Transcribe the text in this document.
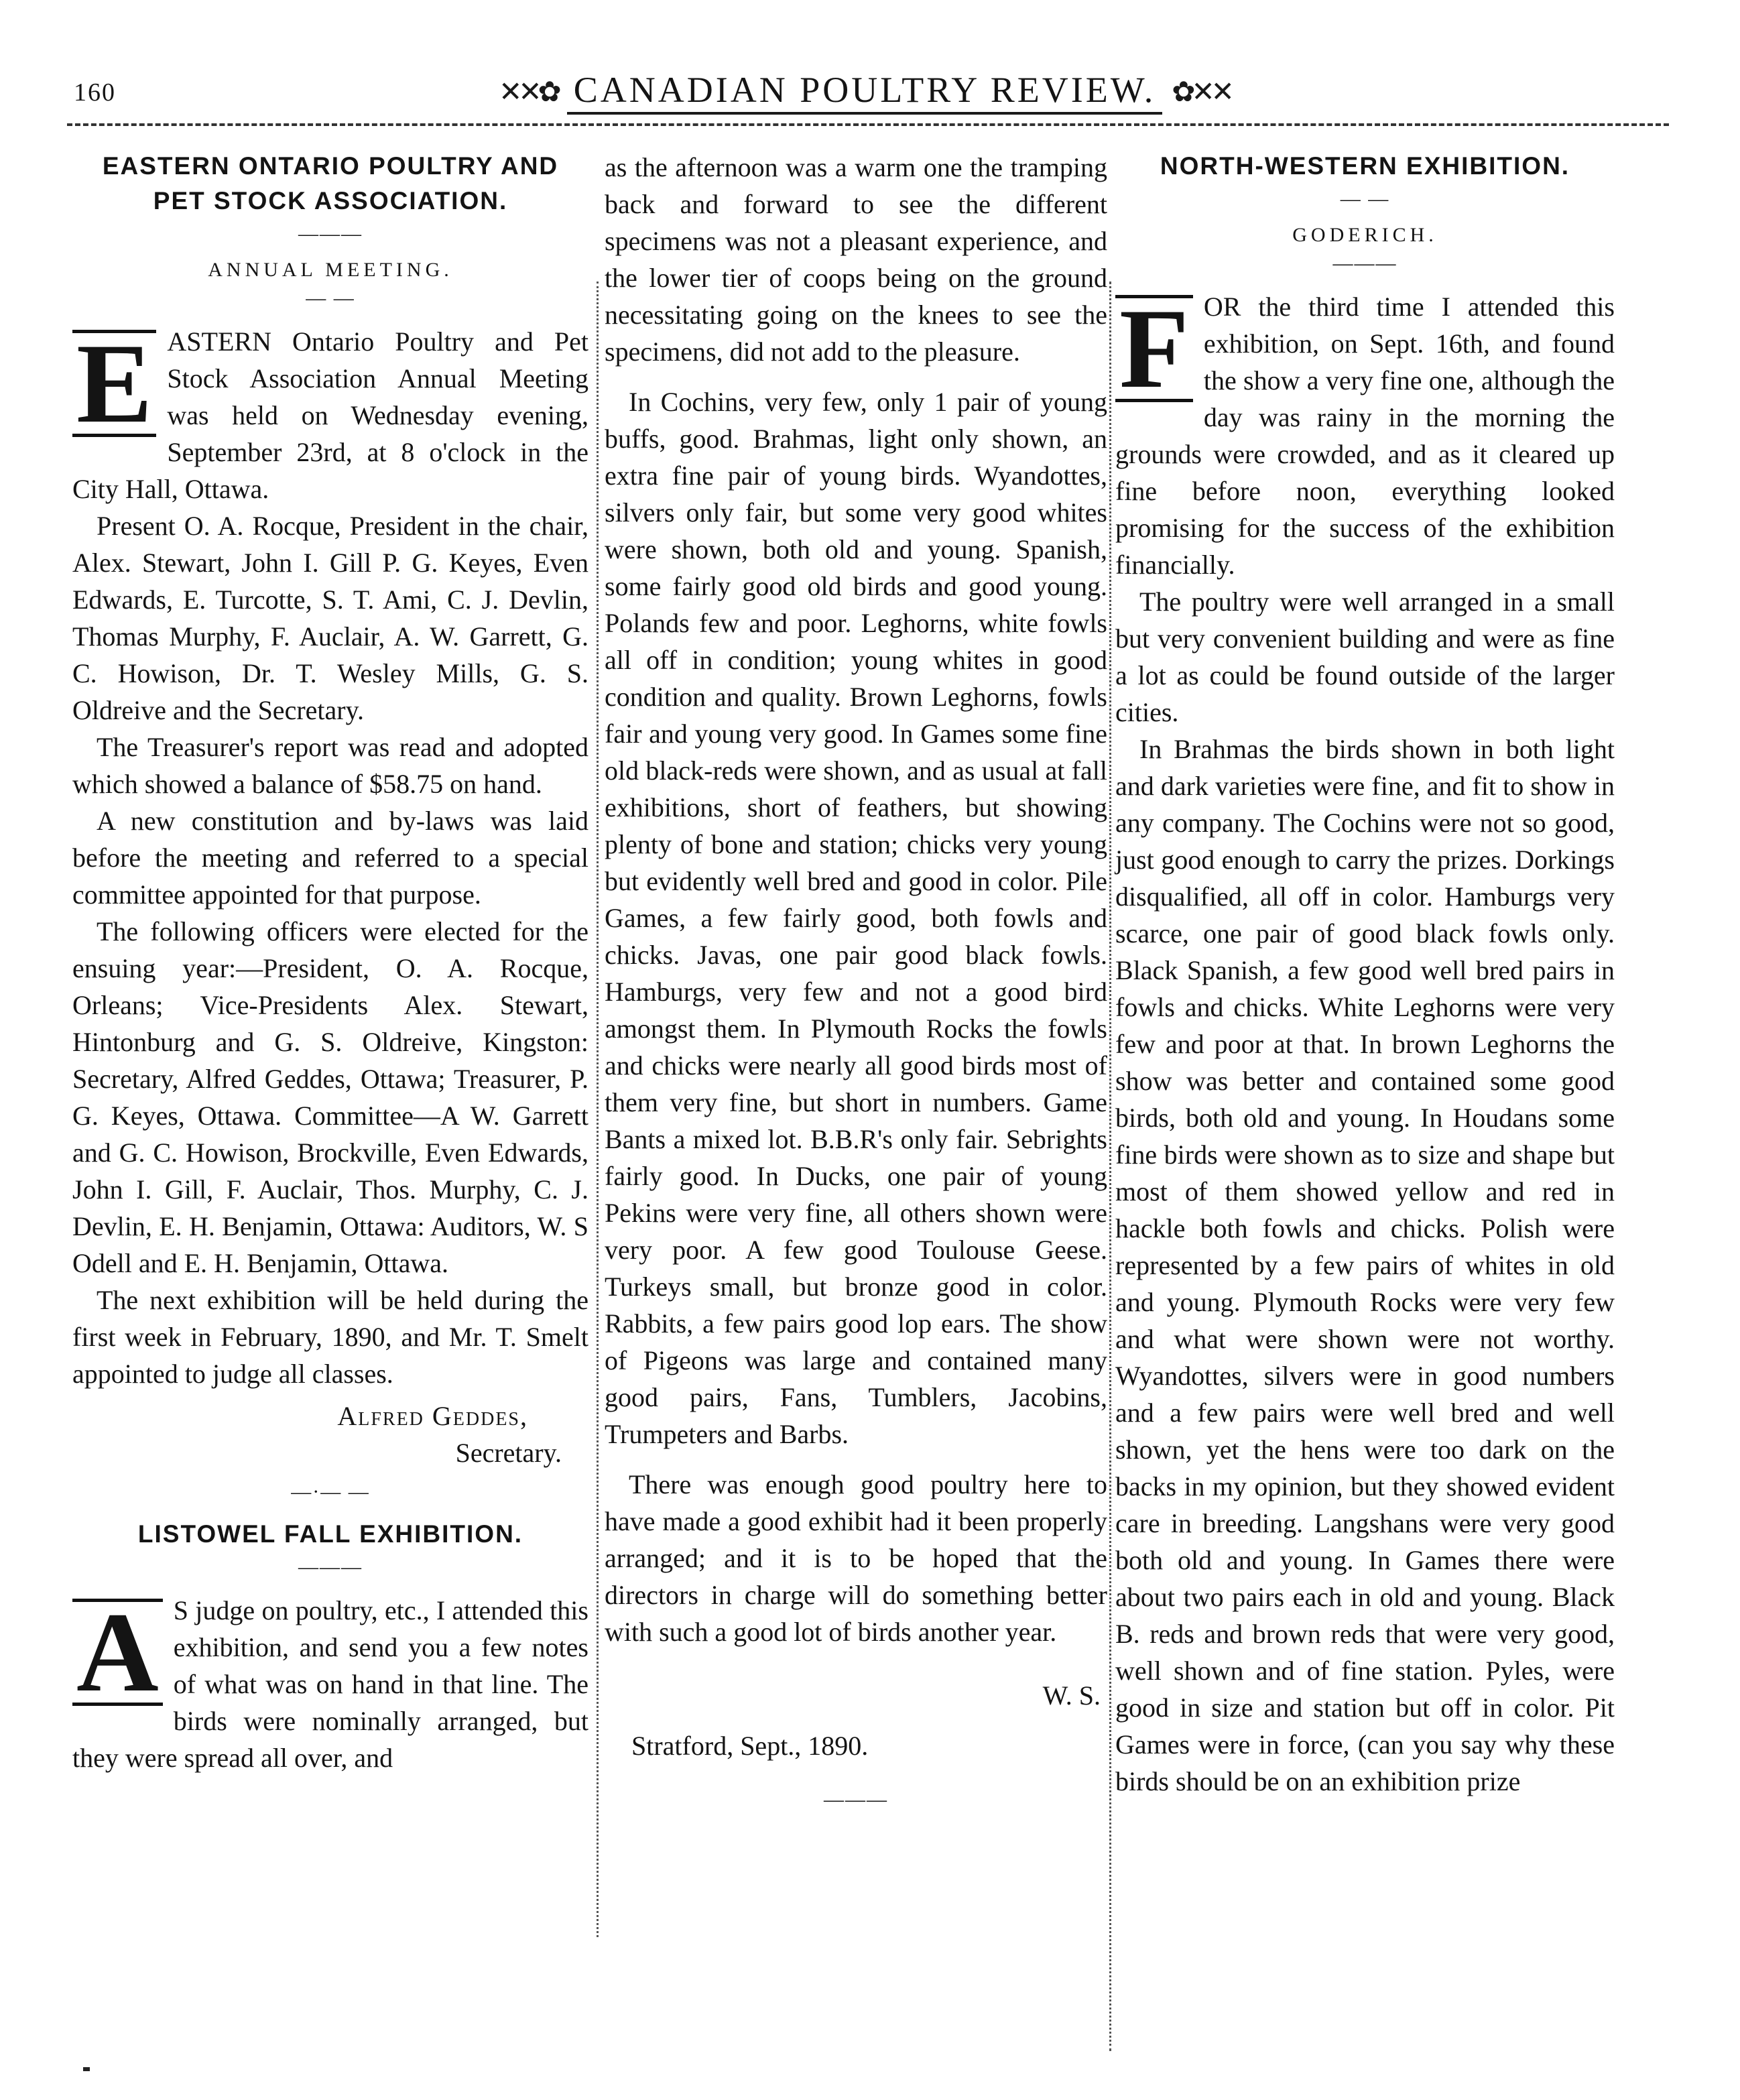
160	✕✕✿ CANADIAN POULTRY REVIEW. ✿✕✕
EASTERN ONTARIO POULTRY AND PET STOCK ASSOCIATION.
———
ANNUAL MEETING.
— —

E ASTERN Ontario Poultry and Pet Stock Association Annual Meeting was held on Wednesday evening, September 23rd, at 8 o'clock in the City Hall, Ottawa.

Present O. A. Rocque, President in the chair, Alex. Stewart, John I. Gill P. G. Keyes, Even Edwards, E. Turcotte, S. T. Ami, C. J. Devlin, Thomas Murphy, F. Auclair, A. W. Garrett, G. C. Howison, Dr. T. Wesley Mills, G. S. Oldreive and the Secretary.

The Treasurer's report was read and adopted which showed a balance of $58.75 on hand.

A new constitution and by-laws was laid before the meeting and referred to a special committee appointed for that purpose.

The following officers were elected for the ensuing year:—President, O. A. Rocque, Orleans; Vice-Presidents Alex. Stewart, Hintonburg and G. S. Oldreive, Kingston: Secretary, Alfred Geddes, Ottawa; Treasurer, P. G. Keyes, Ottawa. Committee—A W. Garrett and G. C. Howison, Brockville, Even Edwards, John I. Gill, F. Auclair, Thos. Murphy, C. J. Devlin, E. H. Benjamin, Ottawa: Auditors, W. S Odell and E. H. Benjamin, Ottawa.

The next exhibition will be held during the first week in February, 1890, and Mr. T. Smelt appointed to judge all classes.

Alfred Geddes,
Secretary.
—·— —
LISTOWEL FALL EXHIBITION.
———

A S judge on poultry, etc., I attended this exhibition, and send you a few notes of what was on hand in that line. The birds were nominally arranged, but they were spread all over, and

as the afternoon was a warm one the tramping back and forward to see the different specimens was not a pleasant experience, and the lower tier of coops being on the ground necessitating going on the knees to see the specimens, did not add to the pleasure.

In Cochins, very few, only 1 pair of young buffs, good. Brahmas, light only shown, an extra fine pair of young birds. Wyandottes, silvers only fair, but some very good whites were shown, both old and young. Spanish, some fairly good old birds and good young. Polands few and poor. Leghorns, white fowls all off in condition; young whites in good condition and quality. Brown Leghorns, fowls fair and young very good. In Games some fine old black-reds were shown, and as usual at fall exhibitions, short of feathers, but showing plenty of bone and station; chicks very young but evidently well bred and good in color. Pile Games, a few fairly good, both fowls and chicks. Javas, one pair good black fowls. Hamburgs, very few and not a good bird amongst them. In Plymouth Rocks the fowls and chicks were nearly all good birds most of them very fine, but short in numbers. Game Bants a mixed lot. B.B.R's only fair. Sebrights fairly good. In Ducks, one pair of young Pekins were very fine, all others shown were very poor. A few good Toulouse Geese. Turkeys small, but bronze good in color. Rabbits, a few pairs good lop ears. The show of Pigeons was large and contained many good pairs, Fans, Tumblers, Jacobins, Trumpeters and Barbs.

There was enough good poultry here to have made a good exhibit had it been properly arranged; and it is to be hoped that the directors in charge will do something better with such a good lot of birds another year.

W. S.
Stratford, Sept., 1890.
———
NORTH-WESTERN EXHIBITION.
— —
GODERICH.
———

F OR the third time I attended this exhibition, on Sept. 16th, and found the show a very fine one, although the day was rainy in the morning the grounds were crowded, and as it cleared up fine before noon, everything looked promising for the success of the exhibition financially.

The poultry were well arranged in a small but very convenient building and were as fine a lot as could be found outside of the larger cities.

In Brahmas the birds shown in both light and dark varieties were fine, and fit to show in any company. The Cochins were not so good, just good enough to carry the prizes. Dorkings disqualified, all off in color. Hamburgs very scarce, one pair of good black fowls only. Black Spanish, a few good well bred pairs in fowls and chicks. White Leghorns were very few and poor at that. In brown Leghorns the show was better and contained some good birds, both old and young. In Houdans some fine birds were shown as to size and shape but most of them showed yellow and red in hackle both fowls and chicks. Polish were represented by a few pairs of whites in old and young. Plymouth Rocks were very few and what were shown were not worthy. Wyandottes, silvers were in good numbers and a few pairs were well bred and well shown, yet the hens were too dark on the backs in my opinion, but they showed evident care in breeding. Langshans were very good both old and young. In Games there were about two pairs each in old and young. Black B. reds and brown reds that were very good, well shown and of fine station. Pyles, were good in size and station but off in color. Pit Games were in force, (can you say why these birds should be on an exhibition prize
